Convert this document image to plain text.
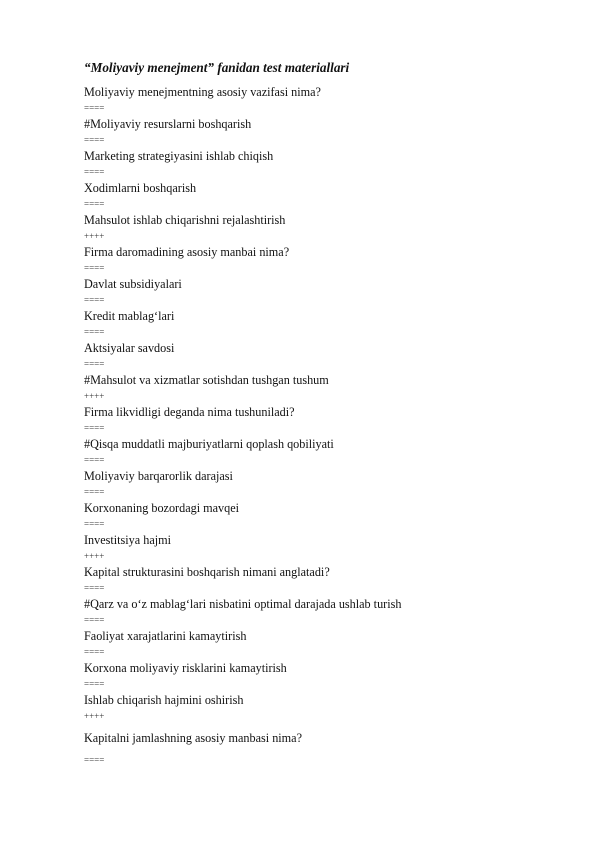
“Moliyaviy menejment” fanidan test materiallari
Moliyaviy menejmentning asosiy vazifasi nima?
====
#Moliyaviy resurslarni boshqarish
====
Marketing strategiyasini ishlab chiqish
====
Xodimlarni boshqarish
====
Mahsulot ishlab chiqarishni rejalashtirish
++++
Firma daromadining asosiy manbai nima?
====
Davlat subsidiyalari
====
Kredit mablag‘lari
====
Aktsiyalar savdosi
====
#Mahsulot va xizmatlar sotishdan tushgan tushum
++++
Firma likvidligi deganda nima tushuniladi?
====
#Qisqa muddatli majburiyatlarni qoplash qobiliyati
====
Moliyaviy barqarorlik darajasi
====
Korxonaning bozordagi mavqei
====
Investitsiya hajmi
++++
Kapital strukturasini boshqarish nimani anglatadi?
====
#Qarz va o‘z mablag‘lari nisbatini optimal darajada ushlab turish
====
Faoliyat xarajatlarini kamaytirish
====
Korxona moliyaviy risklarini kamaytirish
====
Ishlab chiqarish hajmini oshirish
++++
Kapitalni jamlashning asosiy manbasi nima?
====
